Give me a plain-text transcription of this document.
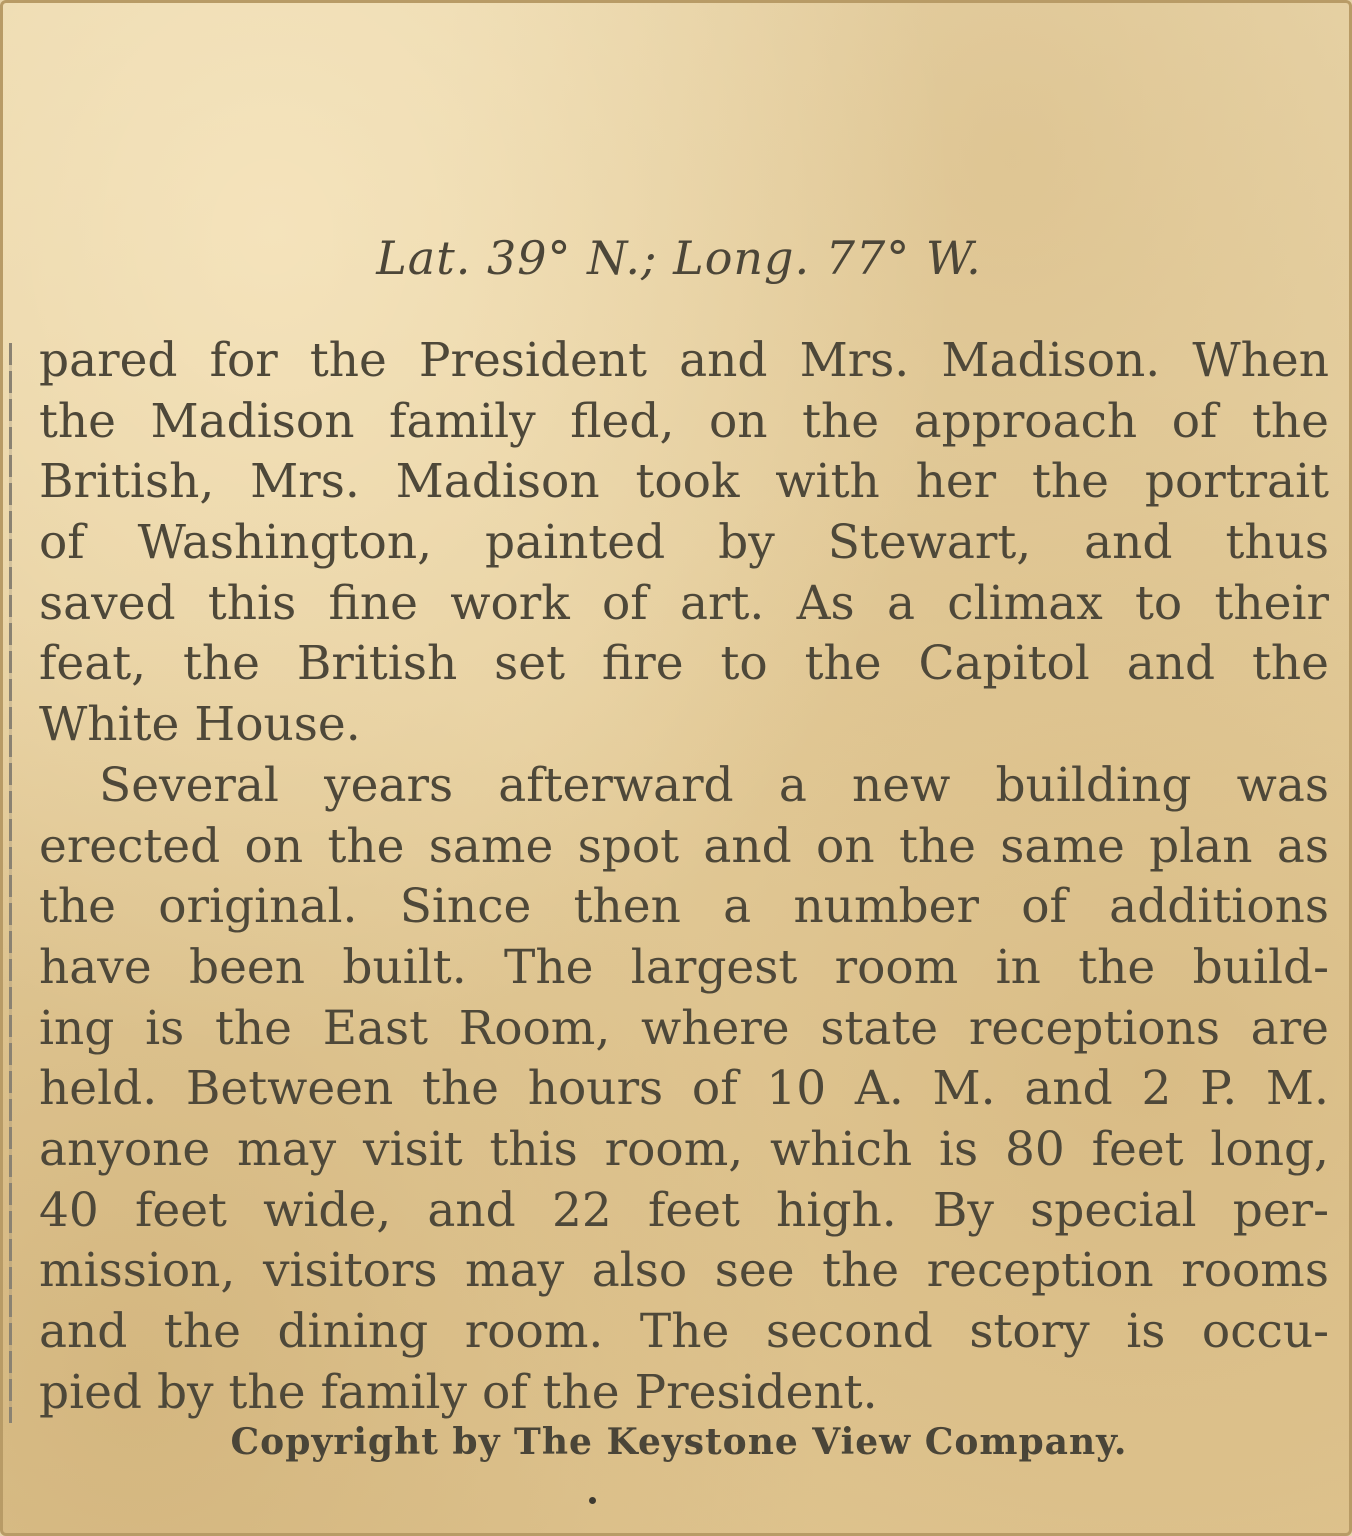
Lat. 39° N.; Long. 77° W.
pared for the President and Mrs. Madison. When
the Madison family fled, on the approach of the
British, Mrs. Madison took with her the portrait
of Washington, painted by Stewart, and thus
saved this fine work of art. As a climax to their
feat, the British set fire to the Capitol and the
White House.
Several years afterward a new building was
erected on the same spot and on the same plan as
the original. Since then a number of additions
have been built. The largest room in the build-
ing is the East Room, where state receptions are
held. Between the hours of 10 A. M. and 2 P. M.
anyone may visit this room, which is 80 feet long,
40 feet wide, and 22 feet high. By special per-
mission, visitors may also see the reception rooms
and the dining room. The second story is occu-
pied by the family of the President.

Copyright by The Keystone View Company.
